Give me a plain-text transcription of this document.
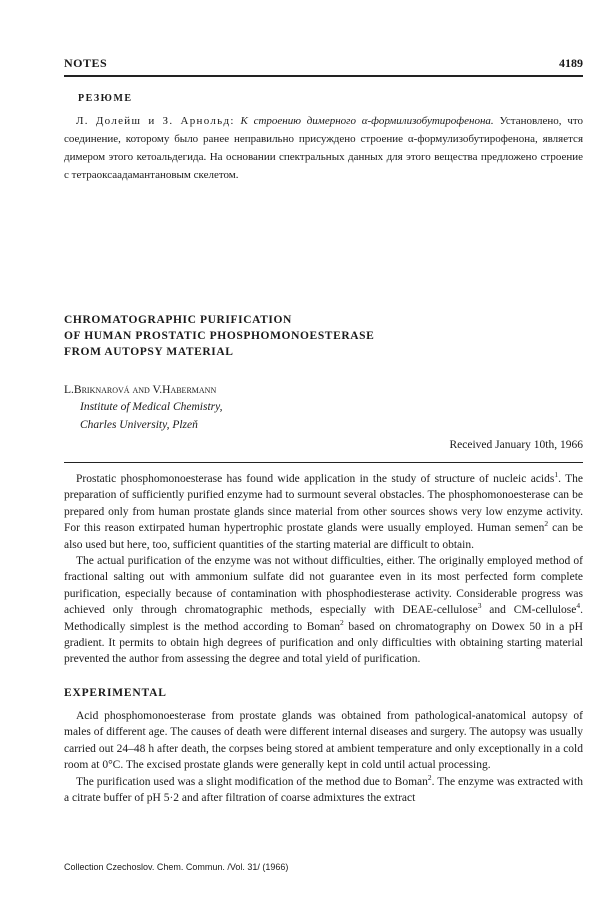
NOTES	4189
РЕЗЮМЕ

Л. Долейш и З. Арнольд: К строению димерного α-формилизобутирофенона. Установлено, что соединение, которому было ранее неправильно присуждено строение α-формулизобутирофенона, является димером этого кетоальдегида. На основании спектральных данных для этого вещества предложено строение с тетраоксаадамантановым скелетом.

CHROMATOGRAPHIC PURIFICATION
OF HUMAN PROSTATIC PHOSPHOMONOESTERASE
FROM AUTOPSY MATERIAL
L.Briknarová and V.Habermann
Institute of Medical Chemistry,
Charles University, Plzeň
Received January 10th, 1966

Prostatic phosphomonoesterase has found wide application in the study of structure of nucleic acids$^1$. The preparation of sufficiently purified enzyme had to surmount several obstacles. The phosphomonoesterase can be prepared only from human prostate glands since material from other sources shows very low enzyme activity. For this reason extirpated human hypertrophic prostate glands were usually employed. Human semen$^2$ can be also used but here, too, sufficient quantities of the starting material are difficult to obtain.

The actual purification of the enzyme was not without difficulties, either. The originally employed method of fractional salting out with ammonium sulfate did not guarantee even in its most perfected form complete purification, especially because of contamination with phosphodiesterase activity. Considerable progress was achieved only through chromatographic methods, especially with DEAE-cellulose$^3$ and CM-cellulose$^4$. Methodically simplest is the method according to Boman$^2$ based on chromatography on Dowex 50 in a pH gradient. It permits to obtain high degrees of purification and only difficulties with obtaining starting material prevented the author from assessing the degree and total yield of purification.

EXPERIMENTAL

Acid phosphomonoesterase from prostate glands was obtained from pathological-anatomical autopsy of males of different age. The causes of death were different internal diseases and surgery. The autopsy was usually carried out 24–48 h after death, the corpses being stored at ambient temperature and only exceptionally in a cold room at 0°C. The excised prostate glands were generally kept in cold until actual processing.

The purification used was a slight modification of the method due to Boman$^2$. The enzyme was extracted with a citrate buffer of pH 5·2 and after filtration of coarse admixtures the extract

Collection Czechoslov. Chem. Commun. /Vol. 31/ (1966)
